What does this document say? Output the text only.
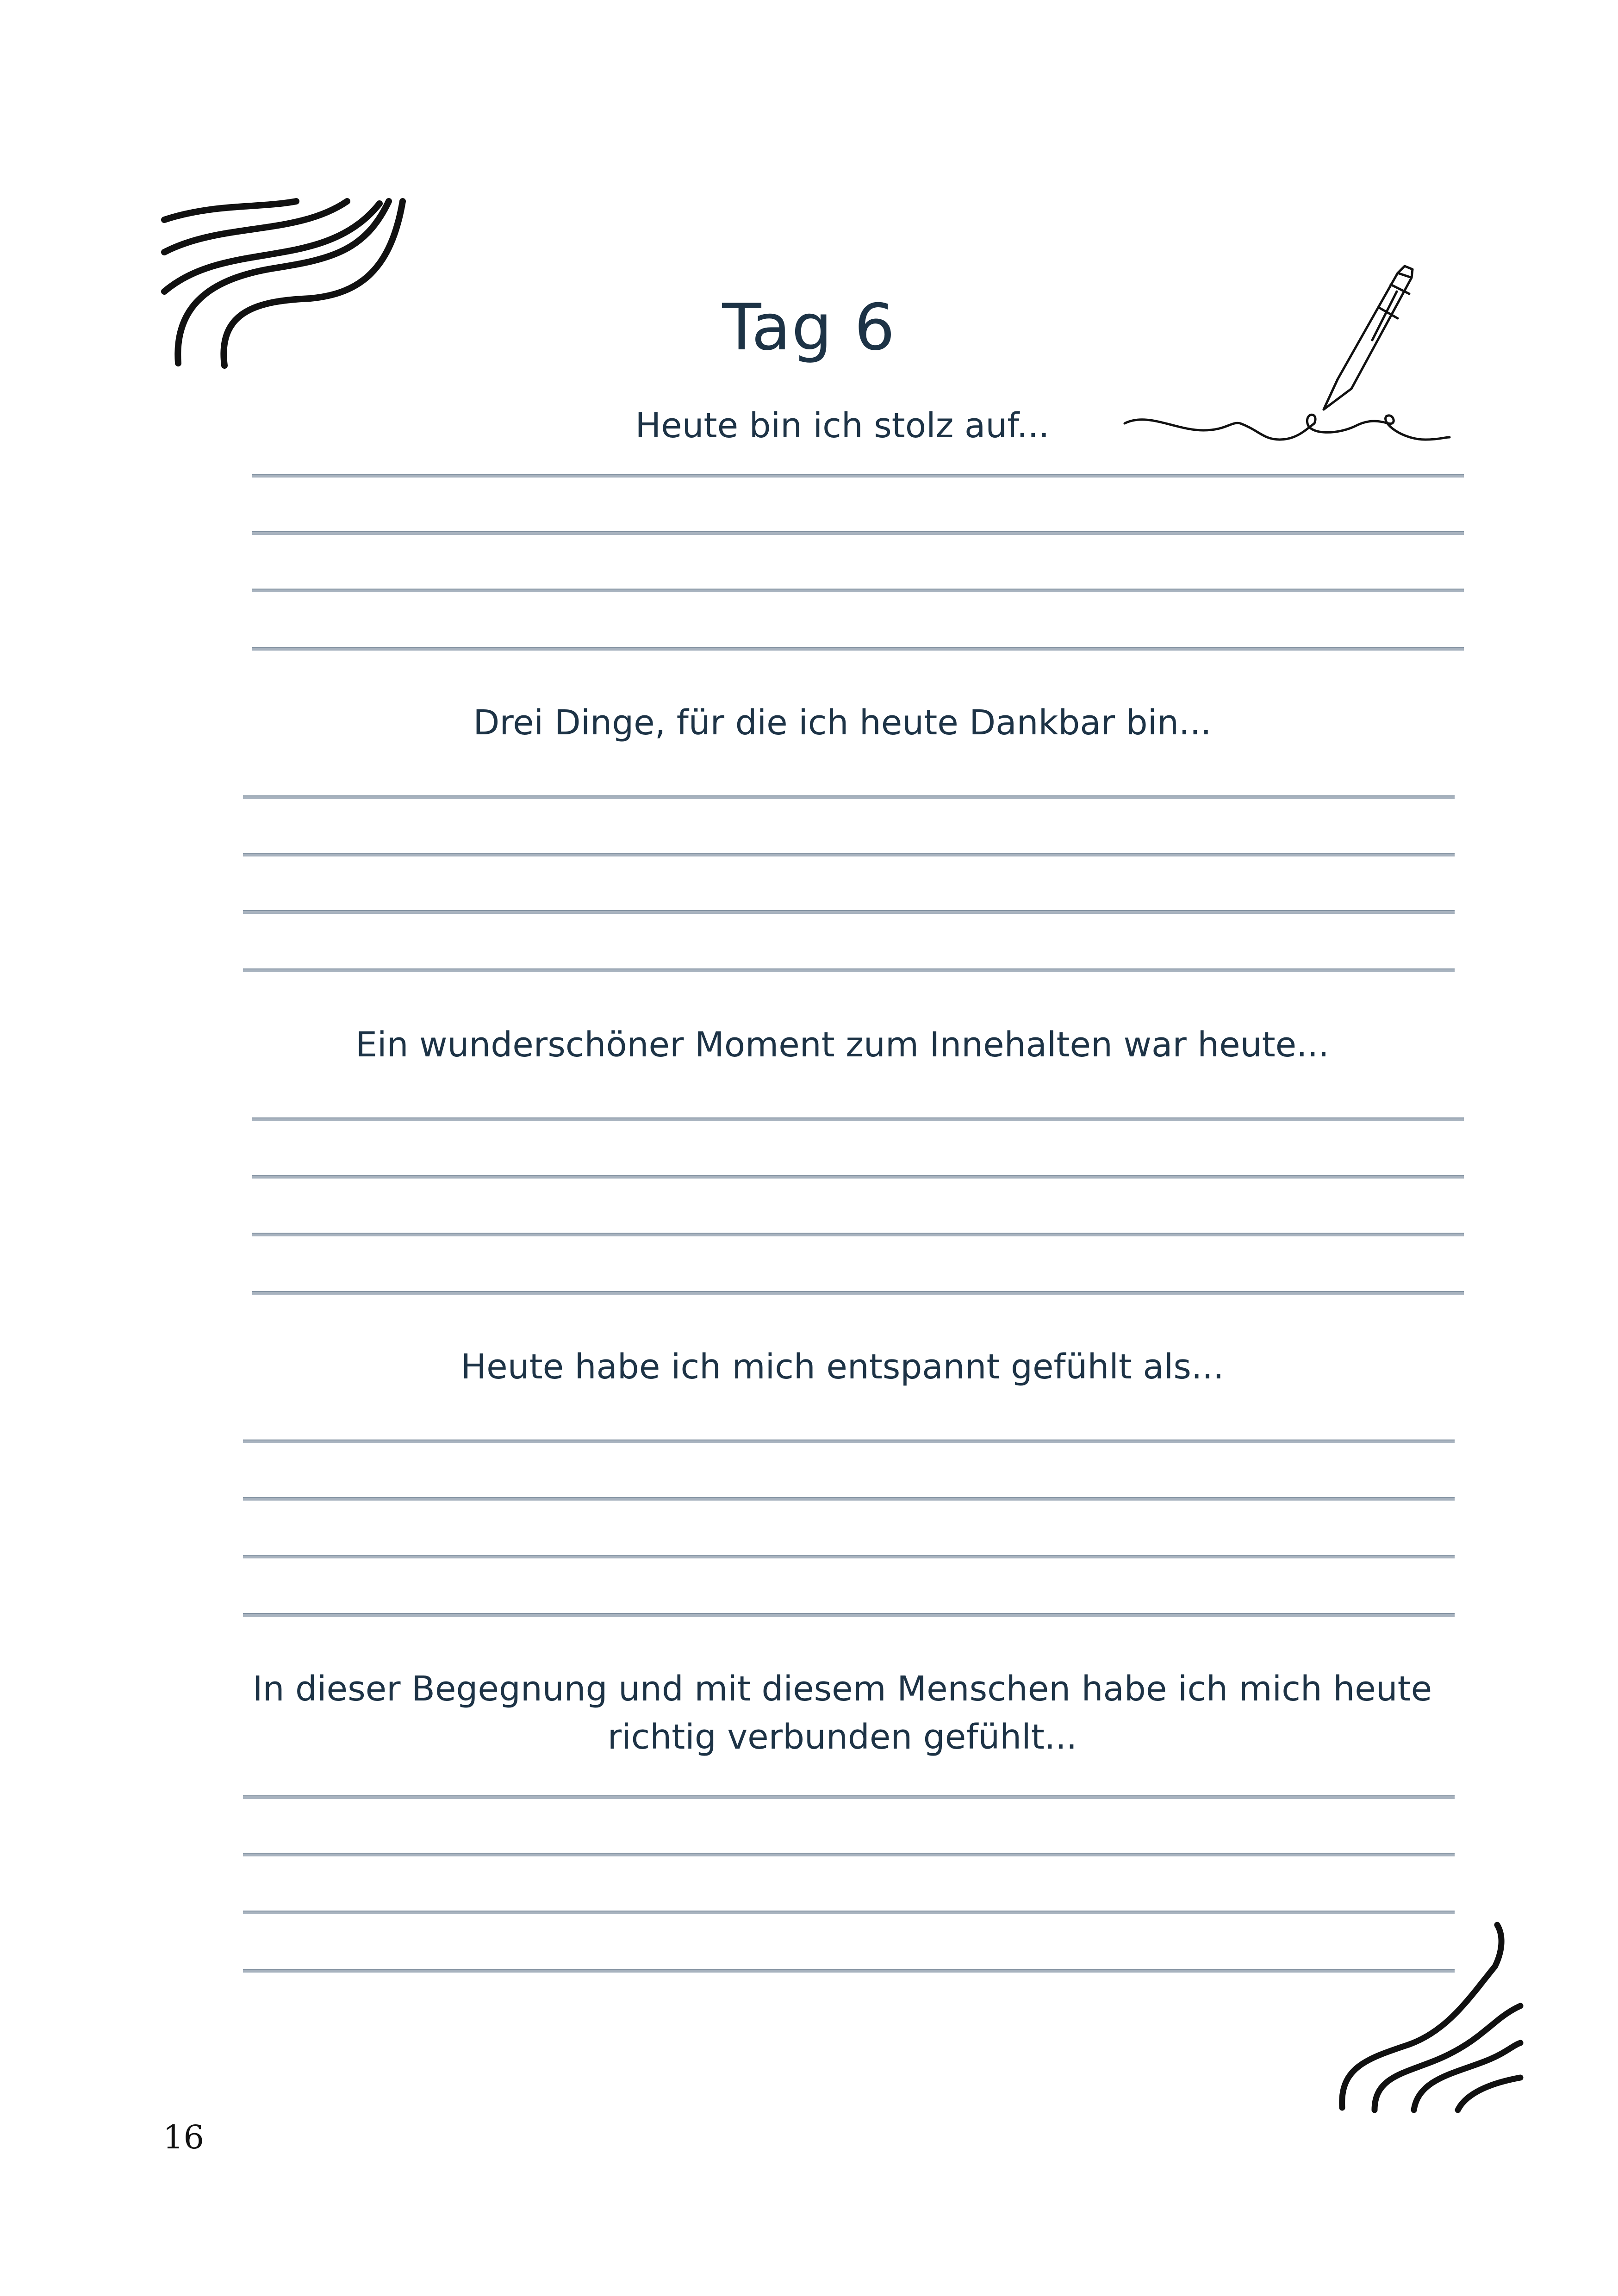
Tag 6
Heute bin ich stolz auf...
Drei Dinge, für die ich heute Dankbar bin...
Ein wunderschöner Moment zum Innehalten war heute...
Heute habe ich mich entspannt gefühlt als...
In dieser Begegnung und mit diesem Menschen habe ich mich heute
richtig verbunden gefühlt...
16
